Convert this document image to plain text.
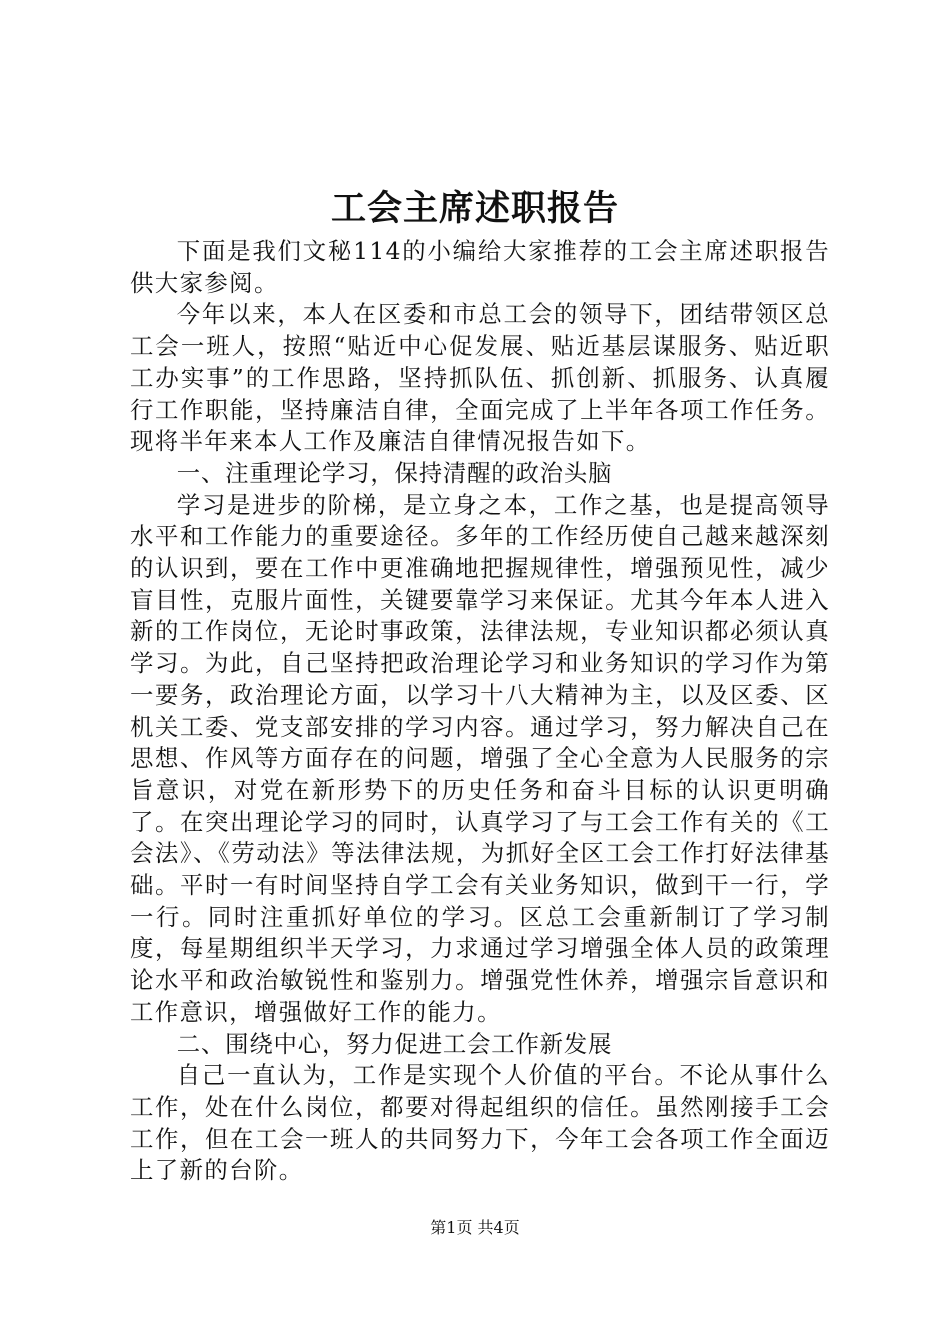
工会主席述职报告

下面是我们文秘114的小编给大家推荐的工会主席述职报告供大家参阅。

今年以来，本人在区委和市总工会的领导下，团结带领区总工会一班人，按照“贴近中心促发展、贴近基层谋服务、贴近职工办实事”的工作思路，坚持抓队伍、抓创新、抓服务、认真履行工作职能，坚持廉洁自律，全面完成了上半年各项工作任务。现将半年来本人工作及廉洁自律情况报告如下。

一、注重理论学习，保持清醒的政治头脑

学习是进步的阶梯，是立身之本，工作之基，也是提高领导水平和工作能力的重要途径。多年的工作经历使自己越来越深刻的认识到，要在工作中更准确地把握规律性，增强预见性，减少盲目性，克服片面性，关键要靠学习来保证。尤其今年本人进入新的工作岗位，无论时事政策，法律法规，专业知识都必须认真学习。为此，自己坚持把政治理论学习和业务知识的学习作为第一要务，政治理论方面，以学习十八大精神为主，以及区委、区机关工委、党支部安排的学习内容。通过学习，努力解决自己在思想、作风等方面存在的问题，增强了全心全意为人民服务的宗旨意识，对党在新形势下的历史任务和奋斗目标的认识更明确了。在突出理论学习的同时，认真学习了与工会工作有关的《工会法》、《劳动法》等法律法规，为抓好全区工会工作打好法律基础。平时一有时间坚持自学工会有关业务知识，做到干一行，学一行。同时注重抓好单位的学习。区总工会重新制订了学习制度，每星期组织半天学习，力求通过学习增强全体人员的政策理论水平和政治敏锐性和鉴别力。增强党性休养，增强宗旨意识和工作意识，增强做好工作的能力。

二、围绕中心，努力促进工会工作新发展

自己一直认为，工作是实现个人价值的平台。不论从事什么工作，处在什么岗位，都要对得起组织的信任。虽然刚接手工会工作，但在工会一班人的共同努力下，今年工会各项工作全面迈上了新的台阶。

第1页 共4页
